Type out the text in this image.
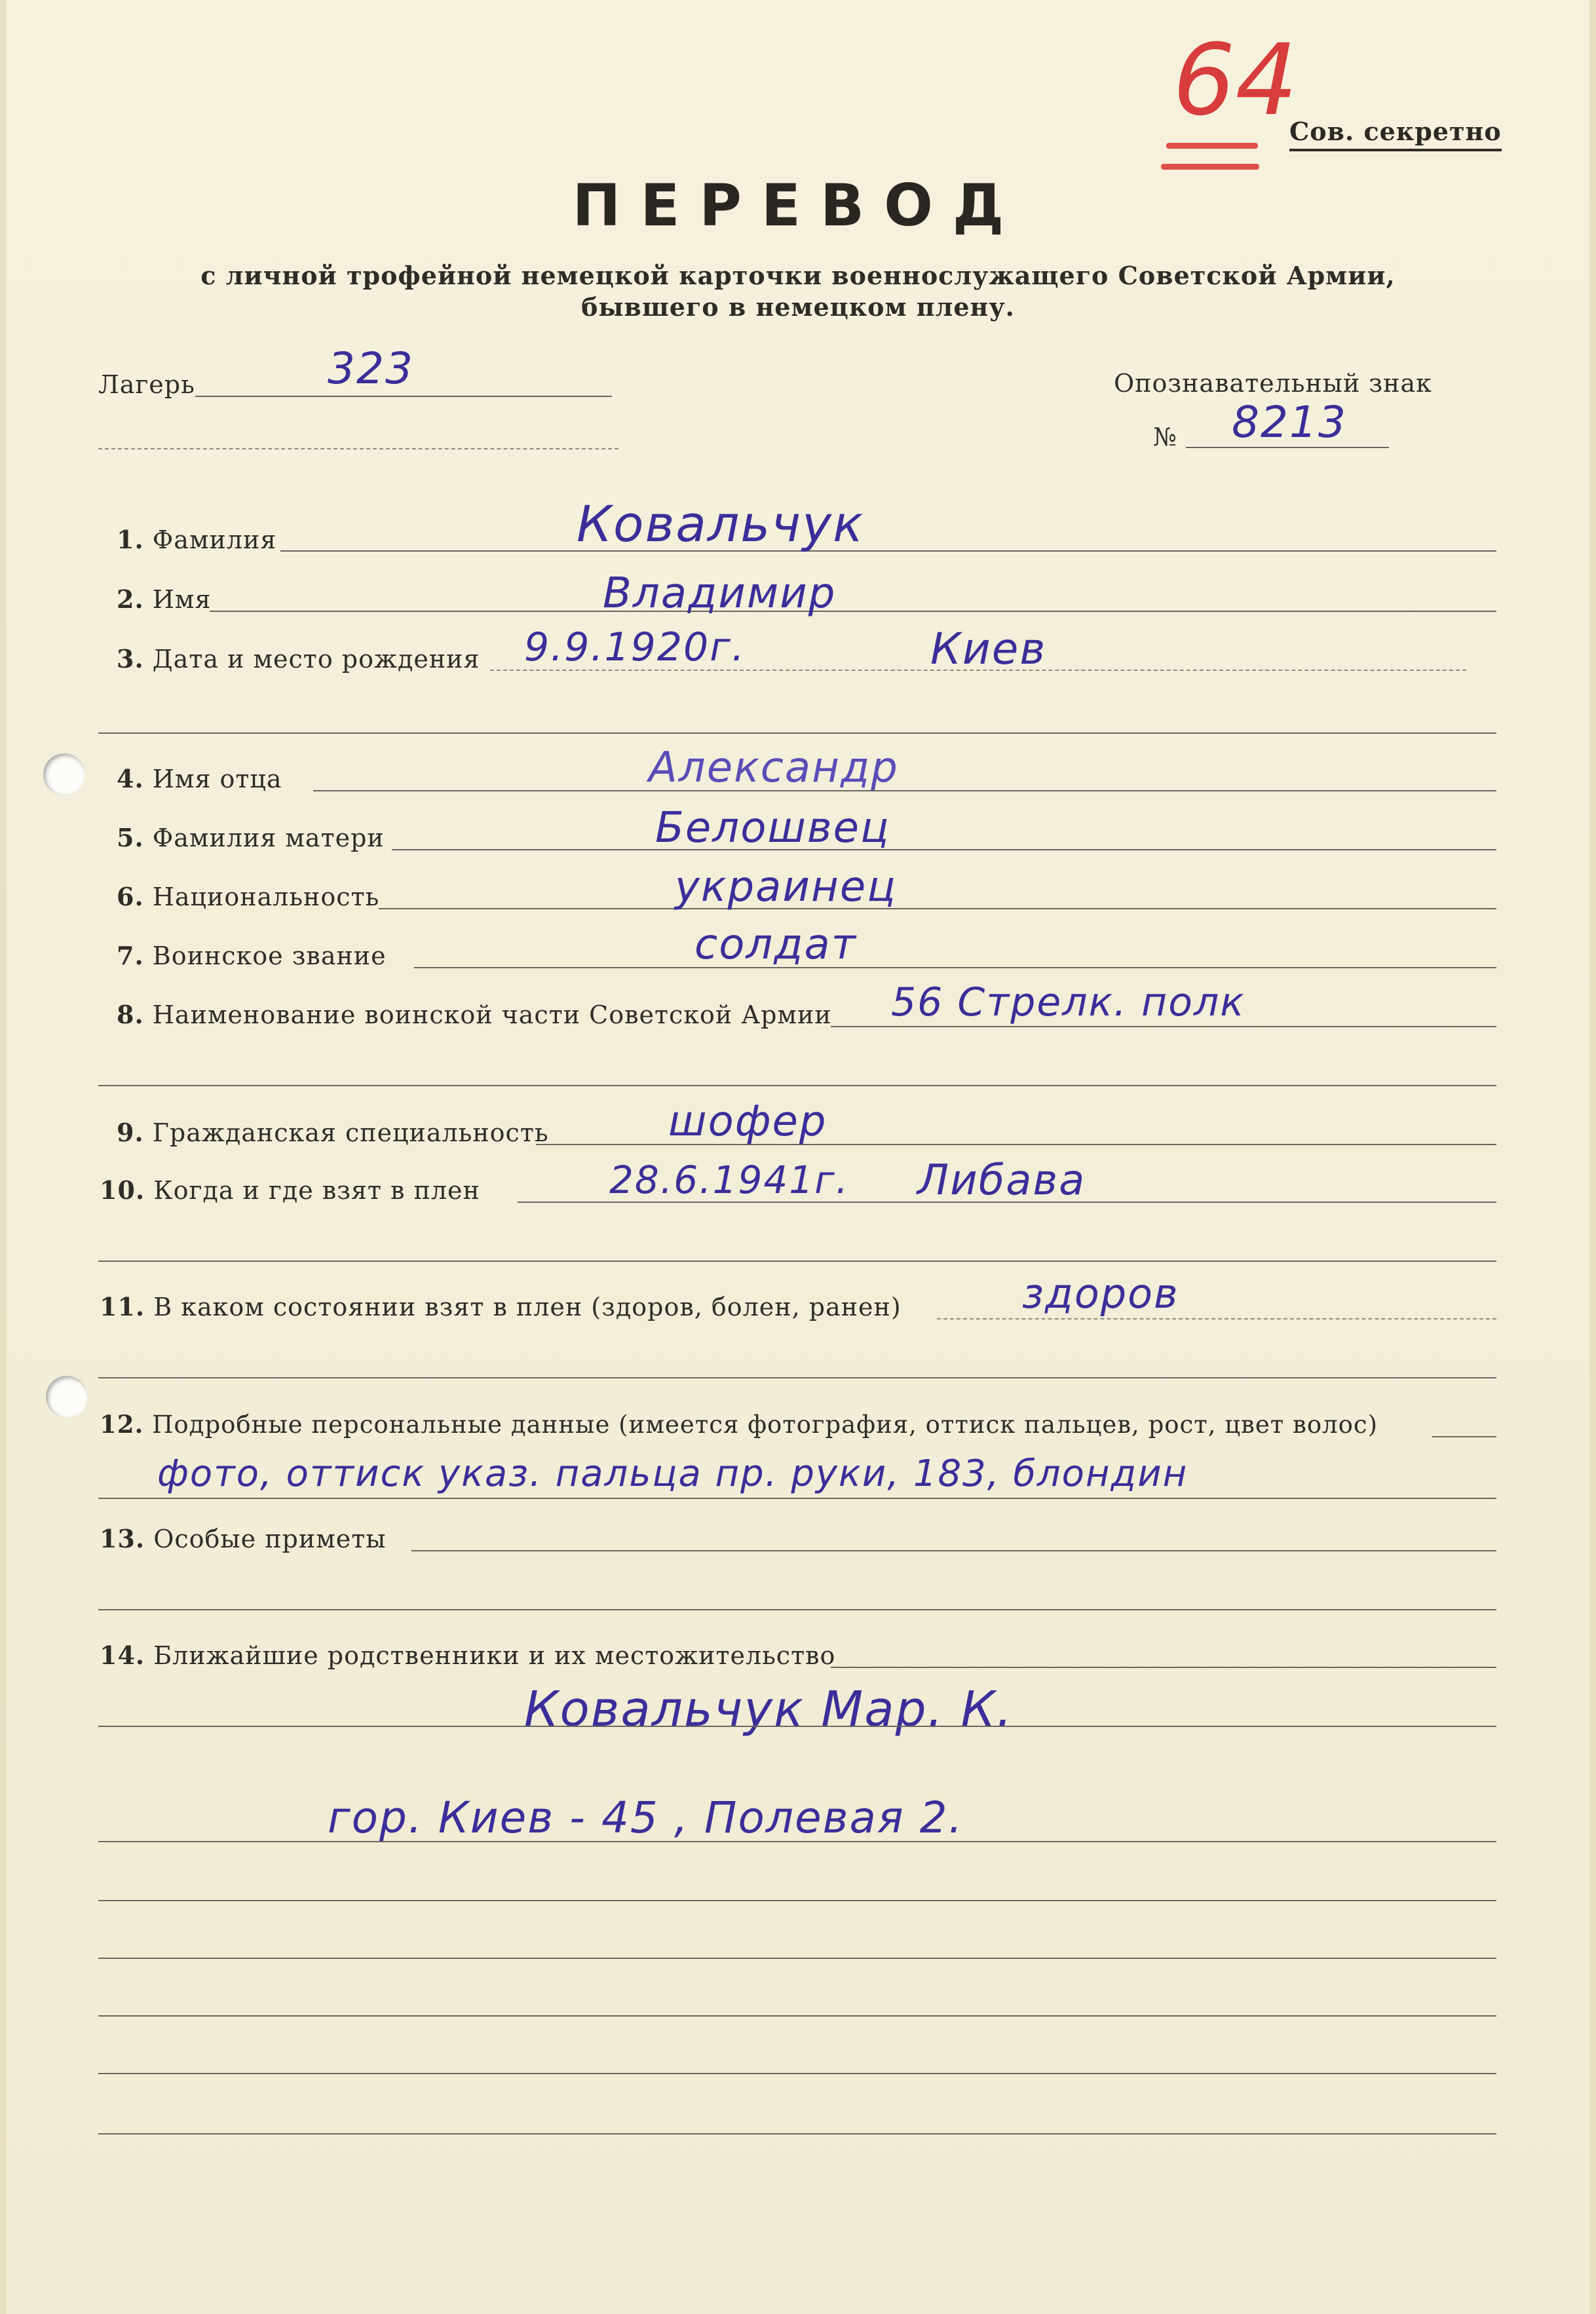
64
Сов. секретно
ПЕРЕВОД
с личной трофейной немецкой карточки военнослужащего Советской Армии,
бывшего в немецком плену.
Лагерь	323	Опознавательный знак
№ 8213
1. Фамилия	Ковальчук
2. Имя	Владимир
3. Дата и место рождения 9.9.1920г.	Киев
4. Имя отца	Александр
5. Фамилия матери	Белошвец
6. Национальность	украинец
7. Воинское звание	солдат
8. Наименование воинской части Советской Армии 56 Стрелк. полк
9. Гражданская специальность	шофер
10. Когда и где взят в плен	28.6.1941г. Либава
11. В каком состоянии взят в плен (здоров, болен, ранен)	здоров
12. Подробные персональные данные (имеется фотография, оттиск пальцев, рост, цвет волос)
фото, оттиск указ. пальца пр. руки, 183, блондин
13. Особые приметы
14. Ближайшие родственники и их местожительство
Ковальчук Мар. К.
гор. Киев - 45 , Полевая 2.
